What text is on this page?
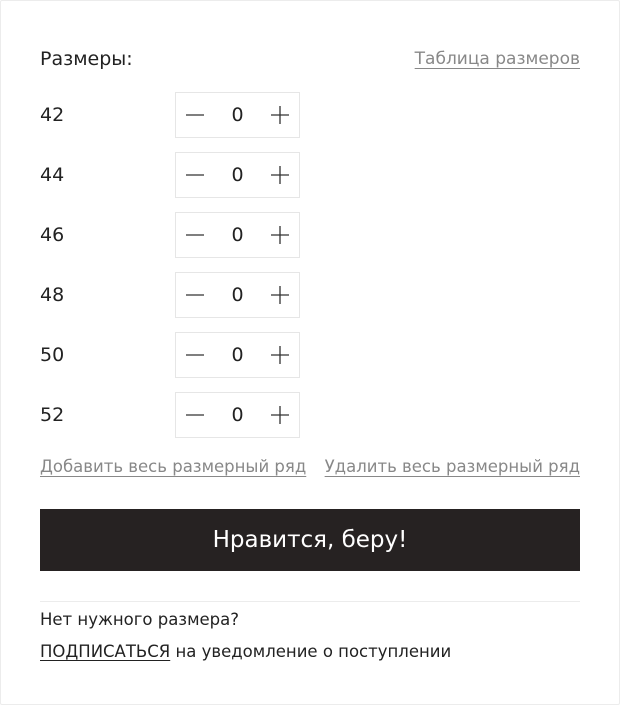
Размеры:	Таблица размеров
42	0
44	0
46	0
48	0
50	0
52	0
Добавить весь размерный ряд Удалить весь размерный ряд
Нравится, беру!
Нет нужного размера?
ПОДПИСАТЬСЯ на уведомление о поступлении
